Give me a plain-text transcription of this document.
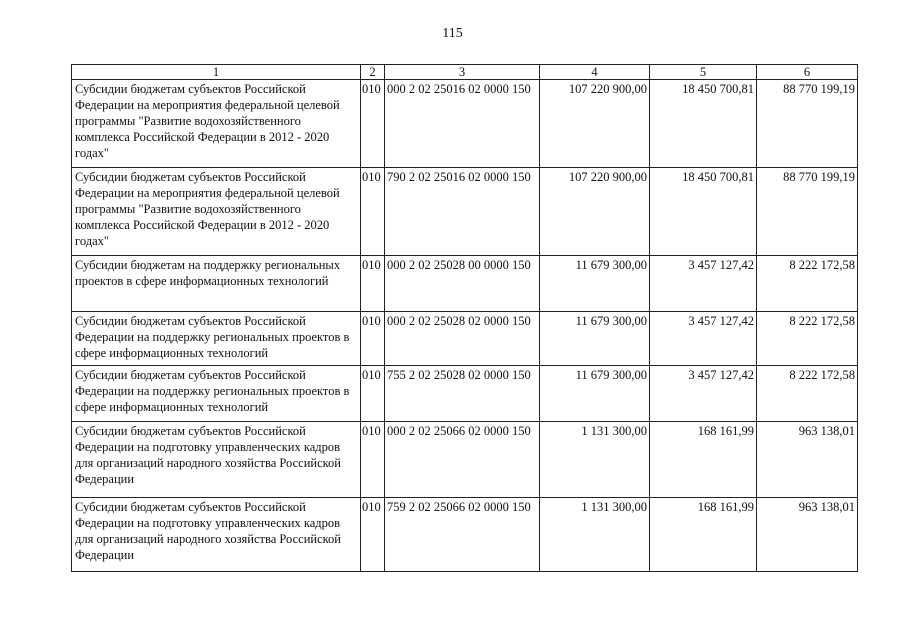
115
1	2	3	4	5	6
Субсидии бюджетам субъектов Российской Федерации на мероприятия федеральной целевой программы "Развитие водохозяйственного комплекса Российской Федерации в 2012 - 2020 годах"	010	000 2 02 25016 02 0000 150	107 220 900,00	18 450 700,81	88 770 199,19
Субсидии бюджетам субъектов Российской Федерации на мероприятия федеральной целевой программы "Развитие водохозяйственного комплекса Российской Федерации в 2012 - 2020 годах"	010	790 2 02 25016 02 0000 150	107 220 900,00	18 450 700,81	88 770 199,19
Субсидии бюджетам на поддержку региональных проектов в сфере информационных технологий	010	000 2 02 25028 00 0000 150	11 679 300,00	3 457 127,42	8 222 172,58
Субсидии бюджетам субъектов Российской Федерации на поддержку региональных проектов в сфере информационных технологий	010	000 2 02 25028 02 0000 150	11 679 300,00	3 457 127,42	8 222 172,58
Субсидии бюджетам субъектов Российской Федерации на поддержку региональных проектов в сфере информационных технологий	010	755 2 02 25028 02 0000 150	11 679 300,00	3 457 127,42	8 222 172,58
Субсидии бюджетам субъектов Российской Федерации на подготовку управленческих кадров для организаций народного хозяйства Российской Федерации	010	000 2 02 25066 02 0000 150	1 131 300,00	168 161,99	963 138,01
Субсидии бюджетам субъектов Российской Федерации на подготовку управленческих кадров для организаций народного хозяйства Российской Федерации	010	759 2 02 25066 02 0000 150	1 131 300,00	168 161,99	963 138,01
